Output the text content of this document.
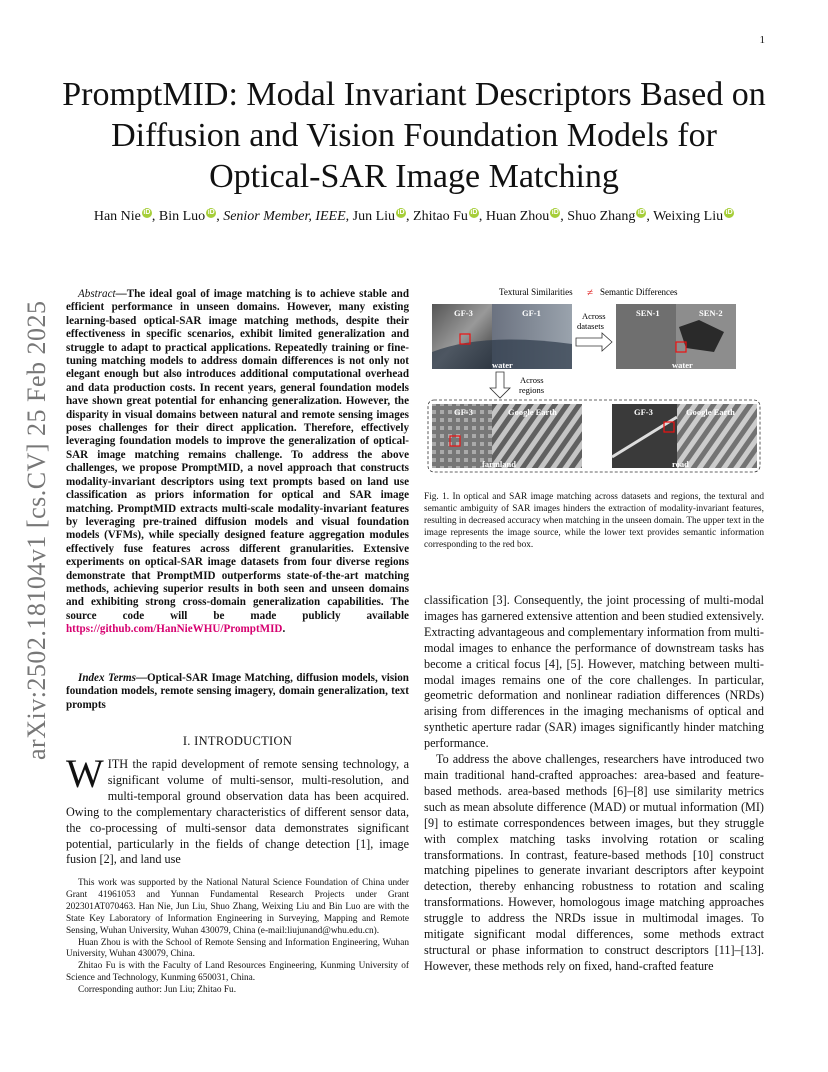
1
arXiv:2502.18104v1 [cs.CV] 25 Feb 2025
PromptMID: Modal Invariant Descriptors Based on Diffusion and Vision Foundation Models for Optical-SAR Image Matching
Han Nie iD , Bin Luo iD , Senior Member, IEEE, Jun Liu iD , Zhitao Fu iD , Huan Zhou iD , Shuo Zhang iD , Weixing Liu iD
Abstract—The ideal goal of image matching is to achieve stable and efficient performance in unseen domains. However, many existing learning-based optical-SAR image matching methods, despite their effectiveness in specific scenarios, exhibit limited generalization and struggle to adapt to practical applications. Repeatedly training or fine-tuning matching models to address domain differences is not only not elegant enough but also introduces additional computational overhead and data production costs. In recent years, general foundation models have shown great potential for enhancing generalization. However, the disparity in visual domains between natural and remote sensing images poses challenges for their direct application. Therefore, effectively leveraging foundation models to improve the generalization of optical-SAR image matching remains challenge. To address the above challenges, we propose PromptMID, a novel approach that constructs modality-invariant descriptors using text prompts based on land use classification as priors information for optical and SAR image matching. PromptMID extracts multi-scale modality-invariant features by leveraging pre-trained diffusion models and visual foundation models (VFMs), while specially designed feature aggregation modules effectively fuse features across different granularities. Extensive experiments on optical-SAR image datasets from four diverse regions demonstrate that PromptMID outperforms state-of-the-art matching methods, achieving superior results in both seen and unseen domains and exhibiting strong cross-domain generalization capabilities. The source code will be made publicly available https://github.com/HanNieWHU/PromptMID.
Index Terms—Optical-SAR Image Matching, diffusion models, vision foundation models, remote sensing imagery, domain generalization, text prompts
I. INTRODUCTION
WITH the rapid development of remote sensing technology, a significant volume of multi-sensor, multi-resolution, and multi-temporal ground observation data has been acquired. Owing to the complementary characteristics of different sensor data, the co-processing of multi-sensor data demonstrates significant potential, particularly in the fields of change detection [1], image fusion [2], and land use

This work was supported by the National Natural Science Foundation of China under Grant 41961053 and Yunnan Fundamental Research Projects under Grant 202301AT070463. Han Nie, Jun Liu, Shuo Zhang, Weixing Liu and Bin Luo are with the State Key Laboratory of Information Engineering in Surveying, Mapping and Remote Sensing, Wuhan University, Wuhan 430079, China (e-mail:liujunand@whu.edu.cn).

Huan Zhou is with the School of Remote Sensing and Information Engineering, Wuhan University, Wuhan 430079, China.

Zhitao Fu is with the Faculty of Land Resources Engineering, Kunming University of Science and Technology, Kunming 650031, China.

Corresponding author: Jun Liu; Zhitao Fu.

Textural Similarities ≠ Semantic Differences
GF-3	GF-1
water
Across datasets
SEN-1	SEN-2
water
Across regions
GF-3	Google Earth
farmland
GF-3	Google Earth
road
Fig. 1. In optical and SAR image matching across datasets and regions, the textural and semantic ambiguity of SAR images hinders the extraction of modality-invariant features, resulting in decreased accuracy when matching in the unseen domain. The upper text in the image represents the image source, while the lower text provides semantic information corresponding to the red box.

classification [3]. Consequently, the joint processing of multi-modal images has garnered extensive attention and been studied extensively. Extracting advantageous and complementary information from multi-modal images to enhance the performance of downstream tasks has become a critical focus [4], [5]. However, matching between multi-modal images remains one of the core challenges. In particular, geometric deformation and nonlinear radiation differences (NRDs) arising from differences in the imaging mechanisms of optical and synthetic aperture radar (SAR) images significantly hinder matching performance.

To address the above challenges, researchers have introduced two main traditional hand-crafted approaches: area-based and feature-based methods. area-based methods [6]–[8] use similarity metrics such as mean absolute difference (MAD) or mutual information (MI) [9] to estimate correspondences between images, but they struggle with complex matching tasks involving rotation or scaling transformations. In contrast, feature-based methods [10] construct matching pipelines to generate invariant descriptors after keypoint detection, thereby enhancing robustness to rotation and scaling transformations. However, homologous image matching approaches struggle to address the NRDs issue in multimodal images. To mitigate significant modal differences, some methods extract structural or phase information to construct descriptors [11]–[13]. However, these methods rely on fixed, hand-crafted feature
